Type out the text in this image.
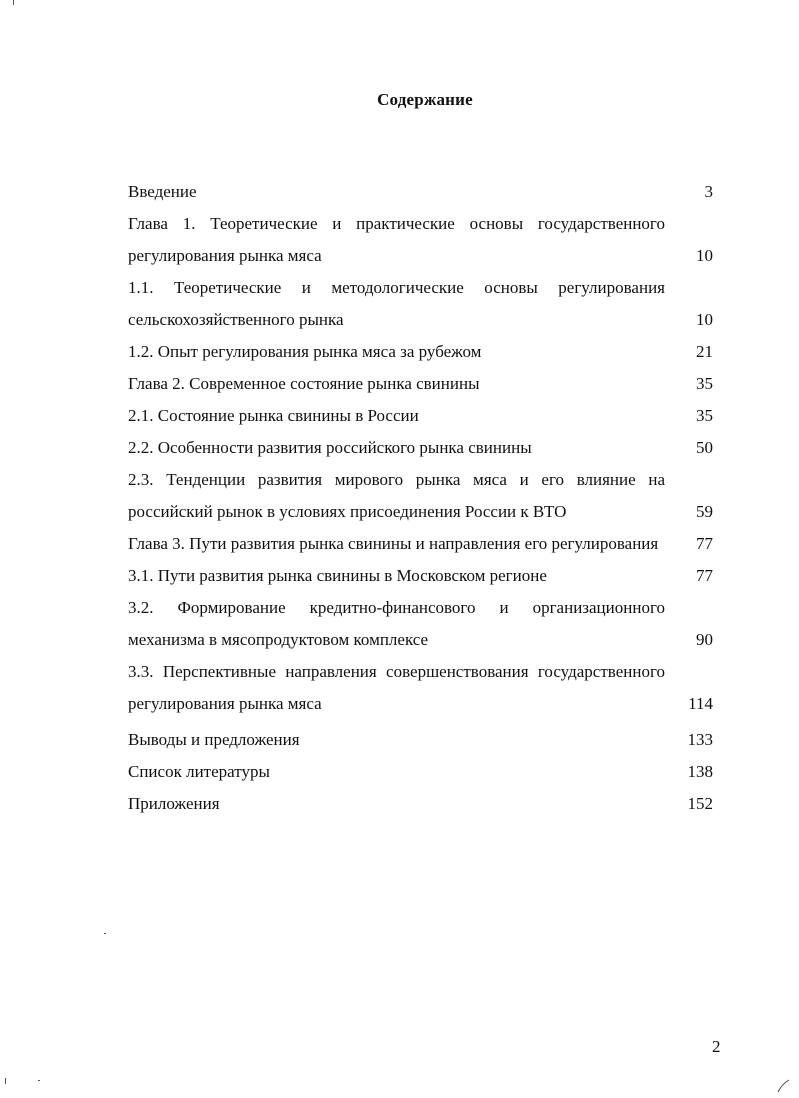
Содержание
Введение	3
Глава 1. Теоретические и практические основы государственного регулирования рынка мяса	10
1.1. Теоретические и методологические основы регулирования сельскохозяйственного рынка	10
1.2. Опыт регулирования рынка мяса за рубежом	21
Глава 2. Современное состояние рынка свинины	35
2.1. Состояние рынка свинины в России	35
2.2. Особенности развития российского рынка свинины	50
2.3. Тенденции развития мирового рынка мяса и его влияние на российский рынок в условиях присоединения России к ВТО	59
Глава 3. Пути развития рынка свинины и направления его регулирования	77
3.1. Пути развития рынка свинины в Московском регионе	77
3.2. Формирование кредитно-финансового и организационного механизма в мясопродуктовом комплексе	90
3.3. Перспективные направления совершенствования государственного регулирования рынка мяса	114
Выводы и предложения	133
Список литературы	138
Приложения	152
2
